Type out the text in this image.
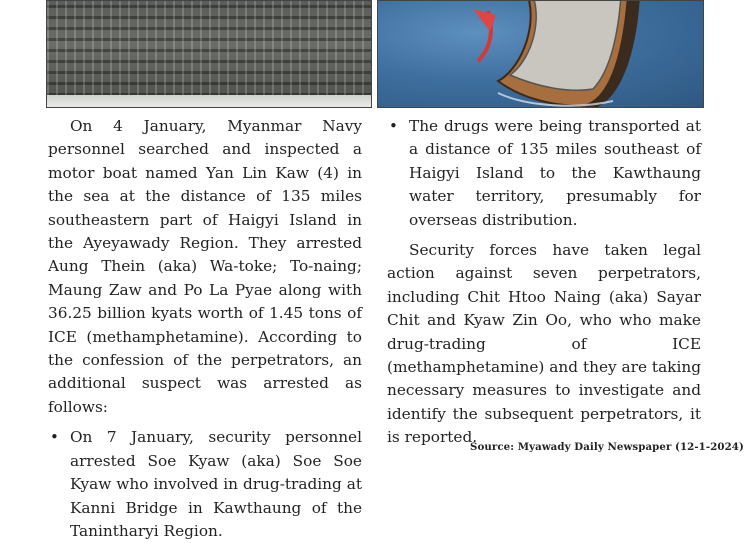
On 4 January, Myanmar Navy personnel searched and inspected a motor boat named Yan Lin Kaw (4) in the sea at the distance of 135 miles southeastern part of Haigyi Island in the Ayeyawady Region. They arrested Aung Thein (aka) Wa-toke; To-naing; Maung Zaw and Po La Pyae along with 36.25 billion kyats worth of 1.45 tons of ICE (methamphetamine). According to the confession of the perpetrators, an additional suspect was arrested as follows:

• On 7 January, security personnel arrested Soe Kyaw (aka) Soe Soe Kyaw who involved in drug-trading at Kanni Bridge in Kawthaung of the Tanintharyi Region.
• The drugs were being transported at a distance of 135 miles southeast of Haigyi Island to the Kawthaung water territory, presumably for overseas distribution.

Security forces have taken legal action against seven perpetrators, including Chit Htoo Naing (aka) Sayar Chit and Kyaw Zin Oo, who who make drug-trading of ICE (methamphetamine) and they are taking necessary measures to investigate and identify the subsequent perpetrators, it is reported.

Source: Myawady Daily Newspaper (12-1-2024)
